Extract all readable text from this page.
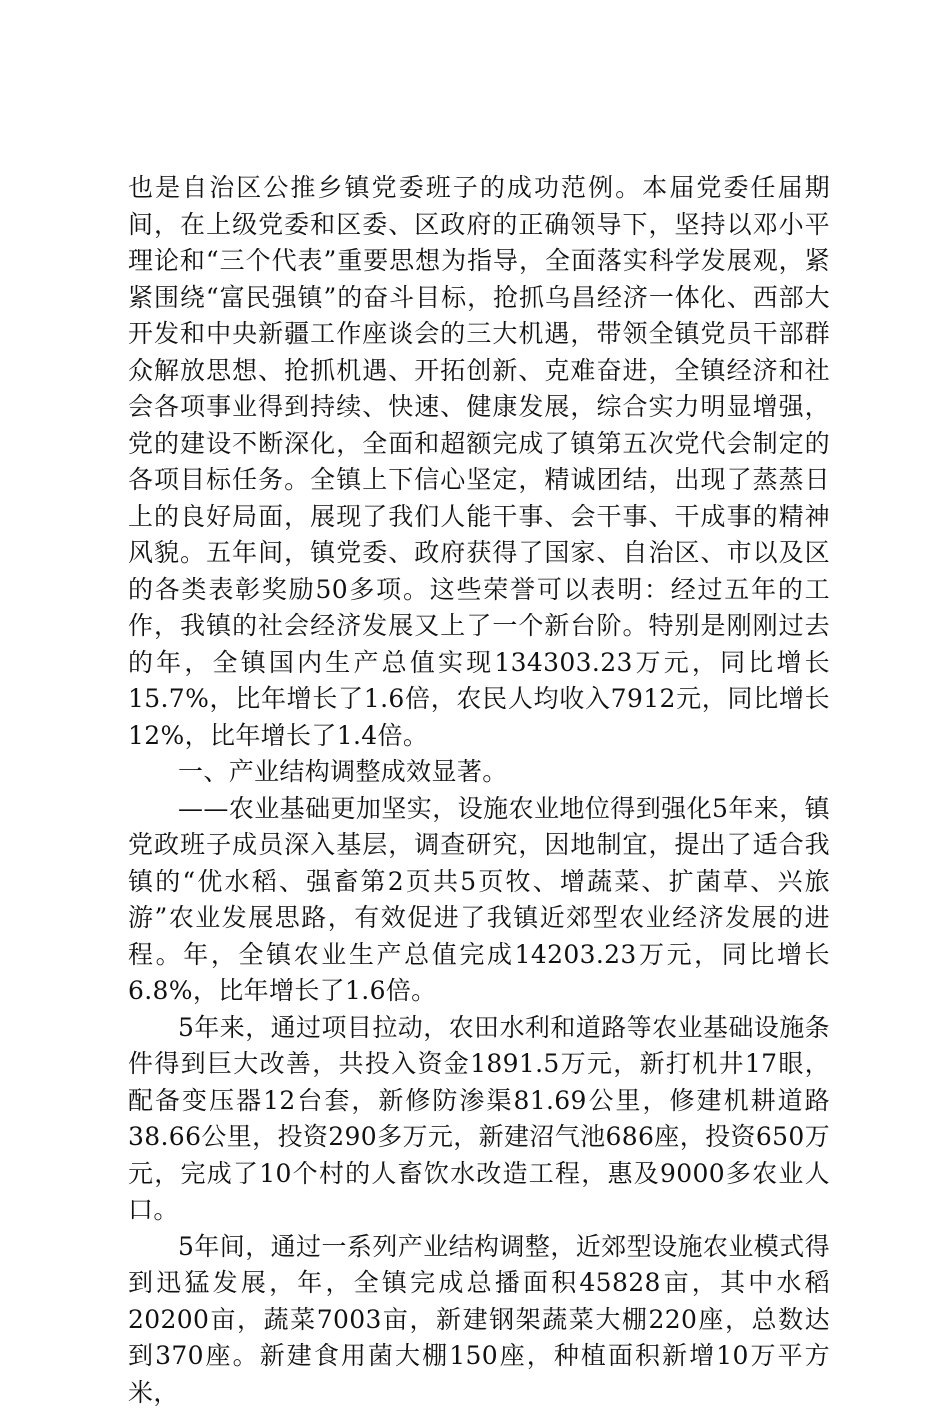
也是自治区公推乡镇党委班子的成功范例。本届党委任届期间，在上级党委和区委、区政府的正确领导下，坚持以邓小平理论和“三个代表”重要思想为指导，全面落实科学发展观，紧紧围绕“富民强镇”的奋斗目标，抢抓乌昌经济一体化、西部大开发和中央新疆工作座谈会的三大机遇，带领全镇党员干部群众解放思想、抢抓机遇、开拓创新、克难奋进，全镇经济和社会各项事业得到持续、快速、健康发展，综合实力明显增强，党的建设不断深化，全面和超额完成了镇第五次党代会制定的各项目标任务。全镇上下信心坚定，精诚团结，出现了蒸蒸日上的良好局面，展现了我们人能干事、会干事、干成事的精神风貌。五年间，镇党委、政府获得了国家、自治区、市以及区的各类表彰奖励50多项。这些荣誉可以表明：经过五年的工作，我镇的社会经济发展又上了一个新台阶。特别是刚刚过去的年，全镇国内生产总值实现134303.23万元，同比增长15.7%，比年增长了1.6倍，农民人均收入7912元，同比增长12%，比年增长了1.4倍。

一、产业结构调整成效显著。

——农业基础更加坚实，设施农业地位得到强化5年来，镇党政班子成员深入基层，调查研究，因地制宜，提出了适合我镇的“优水稻、强畜第2页共5页牧、增蔬菜、扩菌草、兴旅游”农业发展思路，有效促进了我镇近郊型农业经济发展的进程。年，全镇农业生产总值完成14203.23万元，同比增长6.8%，比年增长了1.6倍。

5年来，通过项目拉动，农田水利和道路等农业基础设施条件得到巨大改善，共投入资金1891.5万元，新打机井17眼，配备变压器12台套，新修防渗渠81.69公里，修建机耕道路38.66公里，投资290多万元，新建沼气池686座，投资650万元，完成了10个村的人畜饮水改造工程，惠及9000多农业人口。

5年间，通过一系列产业结构调整，近郊型设施农业模式得到迅猛发展，年，全镇完成总播面积45828亩，其中水稻20200亩，蔬菜7003亩，新建钢架蔬菜大棚220座，总数达到370座。新建食用菌大棚150座，种植面积新增10万平方米，
